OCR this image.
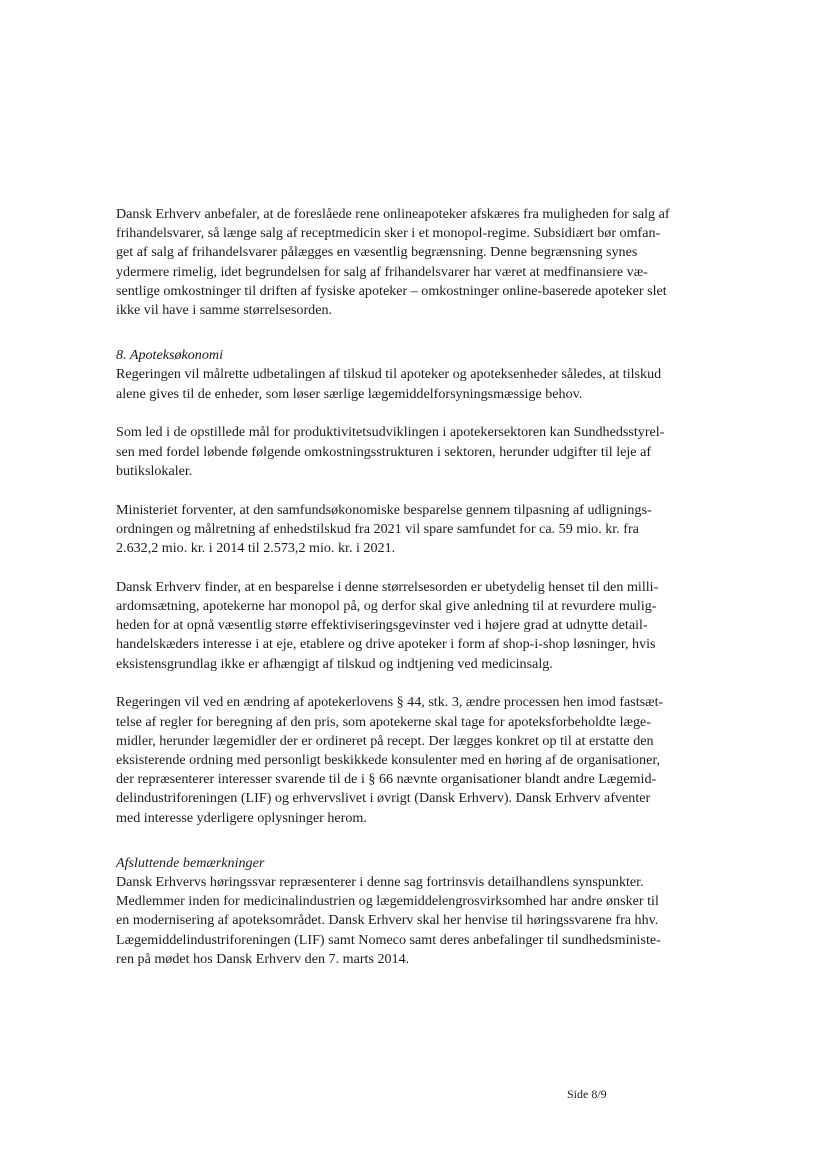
Dansk Erhverv anbefaler, at de foreslåede rene onlineapoteker afskæres fra muligheden for salg af
frihandelsvarer, så længe salg af receptmedicin sker i et monopol-regime. Subsidiært bør omfan-
get af salg af frihandelsvarer pålægges en væsentlig begrænsning. Denne begrænsning synes
ydermere rimelig, idet begrundelsen for salg af frihandelsvarer har været at medfinansiere væ-
sentlige omkostninger til driften af fysiske apoteker – omkostninger online-baserede apoteker slet
ikke vil have i samme størrelsesorden.
8. Apoteksøkonomi
Regeringen vil målrette udbetalingen af tilskud til apoteker og apoteksenheder således, at tilskud
alene gives til de enheder, som løser særlige lægemiddelforsyningsmæssige behov.
Som led i de opstillede mål for produktivitetsudviklingen i apotekersektoren kan Sundhedsstyrel-
sen med fordel løbende følgende omkostningsstrukturen i sektoren, herunder udgifter til leje af
butikslokaler.
Ministeriet forventer, at den samfundsøkonomiske besparelse gennem tilpasning af udlignings-
ordningen og målretning af enhedstilskud fra 2021 vil spare samfundet for ca. 59 mio. kr. fra
2.632,2 mio. kr. i 2014 til 2.573,2 mio. kr. i 2021.
Dansk Erhverv finder, at en besparelse i denne størrelsesorden er ubetydelig henset til den milli-
ardomsætning, apotekerne har monopol på, og derfor skal give anledning til at revurdere mulig-
heden for at opnå væsentlig større effektiviseringsgevinster ved i højere grad at udnytte detail-
handelskæders interesse i at eje, etablere og drive apoteker i form af shop-i-shop løsninger, hvis
eksistensgrundlag ikke er afhængigt af tilskud og indtjening ved medicinsalg.
Regeringen vil ved en ændring af apotekerlovens § 44, stk. 3, ændre processen hen imod fastsæt-
telse af regler for beregning af den pris, som apotekerne skal tage for apoteksforbeholdte læge-
midler, herunder lægemidler der er ordineret på recept. Der lægges konkret op til at erstatte den
eksisterende ordning med personligt beskikkede konsulenter med en høring af de organisationer,
der repræsenterer interesser svarende til de i § 66 nævnte organisationer blandt andre Lægemid-
delindustriforeningen (LIF) og erhvervslivet i øvrigt (Dansk Erhverv). Dansk Erhverv afventer
med interesse yderligere oplysninger herom.
Afsluttende bemærkninger
Dansk Erhvervs høringssvar repræsenterer i denne sag fortrinsvis detailhandlens synspunkter.
Medlemmer inden for medicinalindustrien og lægemiddelengrosvirksomhed har andre ønsker til
en modernisering af apoteksområdet. Dansk Erhverv skal her henvise til høringssvarene fra hhv.
Lægemiddelindustriforeningen (LIF) samt Nomeco samt deres anbefalinger til sundhedsministe-
ren på mødet hos Dansk Erhverv den 7. marts 2014.
Side 8/9
